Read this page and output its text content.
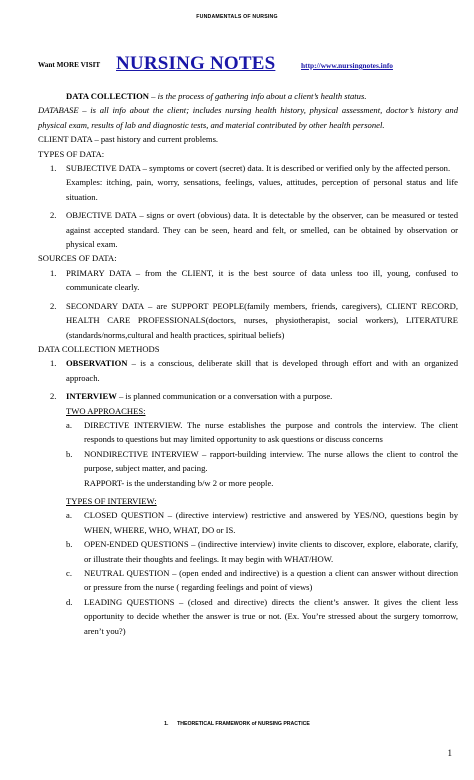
FUNDAMENTALS OF NURSING
Want MORE VISIT NURSING NOTES	http://www.nursingnotes.info

DATA COLLECTION – is the process of gathering info about a client’s health status.

DATABASE – is all info about the client; includes nursing health history, physical assessment, doctor’s history and physical exam, results of lab and diagnostic tests, and material contributed by other health personel.

CLIENT DATA – past history and current problems.

TYPES OF DATA:

1. SUBJECTIVE DATA – symptoms or covert (secret) data. It is described or verified only by the affected person.

Examples: itching, pain, worry, sensations, feelings, values, attitudes, perception of personal status and life situation.

2. OBJECTIVE DATA – signs or overt (obvious) data. It is detectable by the observer, can be measured or tested against accepted standard. They can be seen, heard and felt, or smelled, can be obtained by observation or physical exam.

SOURCES OF DATA:

1. PRIMARY DATA – from the CLIENT, it is the best source of data unless too ill, young, confused to communicate clearly.
2. SECONDARY DATA – are SUPPORT PEOPLE(family members, friends, caregivers), CLIENT RECORD, HEALTH CARE PROFESSIONALS(doctors, nurses, physiotherapist, social workers), LITERATURE (standards/norms,cultural and health practices, spiritual beliefs)

DATA COLLECTION METHODS

1. OBSERVATION – is a conscious, deliberate skill that is developed through effort and with an organized approach.
2. INTERVIEW – is planned communication or a conversation with a purpose.

TWO APPROACHES:

a. DIRECTIVE INTERVIEW. The nurse establishes the purpose and controls the interview. The client responds to questions but may limited opportunity to ask questions or discuss concerns
b. NONDIRECTIVE INTERVIEW – rapport-building interview. The nurse allows the client to control the purpose, subject matter, and pacing.

RAPPORT- is the understanding b/w 2 or more people.

TYPES OF INTERVIEW:

a. CLOSED QUESTION – (directive interview) restrictive and answered by YES/NO, questions begin by WHEN, WHERE, WHO, WHAT, DO or IS.
b. OPEN-ENDED QUESTIONS – (indirective interview) invite clients to discover, explore, elaborate, clarify, or illustrate their thoughts and feelings. It may begin with WHAT/HOW.
c. NEUTRAL QUESTION – (open ended and indirective) is a question a client can answer without direction or pressure from the nurse ( regarding feelings and point of views)
d. LEADING QUESTIONS – (closed and directive) directs the client’s answer. It gives the client less opportunity to decide whether the answer is true or not. (Ex. You’re stressed about the surgery tomorrow, aren’t you?)
1.      THEORETICAL FRAMEWORK of NURSING PRACTICE
1
